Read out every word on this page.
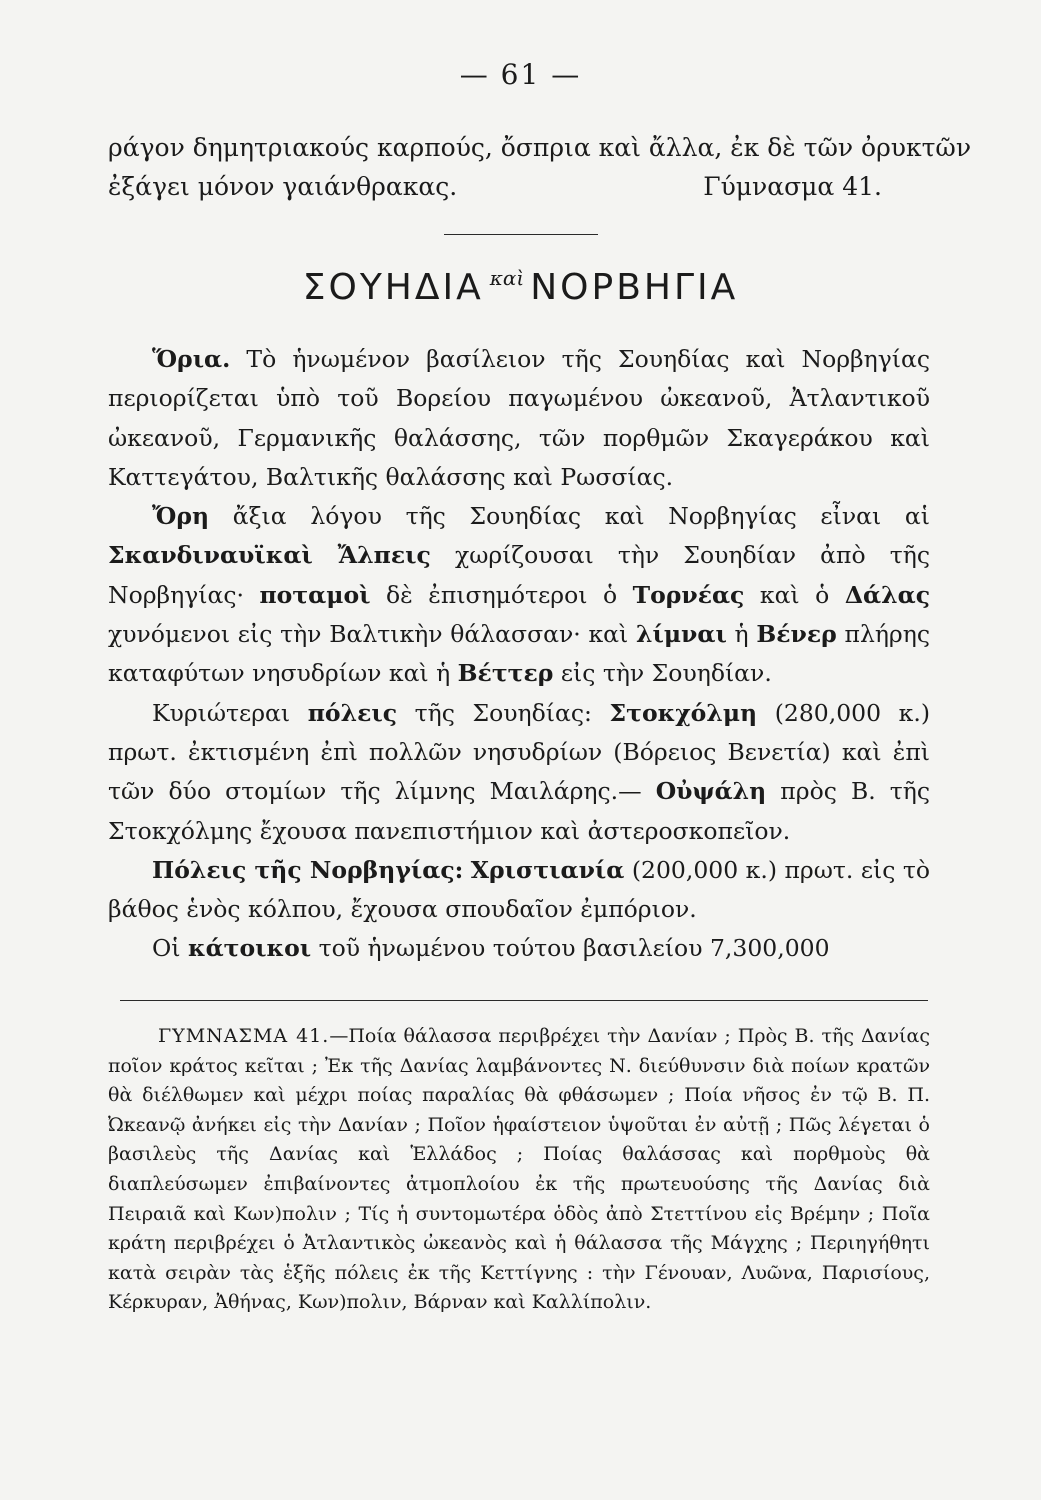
— 61 —
ράγον δημητριακούς καρπούς, ὄσπρια καὶ ἄλλα, ἐκ δὲ τῶν ὀρυκτῶν
ἐξάγει μόνον γαιάνθρακας.	Γύμνασμα 41.
ΣΟΥΗΔΙΑ $^{\kappa\alpha ὶ}$ ΝΟΡΒΗΓΙΑ

Ὅρια. Τὸ ἡνωμένον βασίλειον τῆς Σουηδίας καὶ Νορβηγίας περιορίζεται ὑπὸ τοῦ Βορείου παγωμένου ὠκεανοῦ, Ἀτλαντικοῦ ὠκεανοῦ, Γερμανικῆς θαλάσσης, τῶν πορθμῶν Σκαγεράκου καὶ Καττεγάτου, Βαλτικῆς θαλάσσης καὶ Ρωσσίας.

Ὄρη ἄξια λόγου τῆς Σουηδίας καὶ Νορβηγίας εἶναι αἱ Σκανδιναυϊκαὶ Ἄλπεις χωρίζουσαι τὴν Σουηδίαν ἀπὸ τῆς Νορβηγίας· ποταμοὶ δὲ ἐπισημότεροι ὁ Τορνέας καὶ ὁ Δάλας χυνόμενοι εἰς τὴν Βαλτικὴν θάλασσαν· καὶ λίμναι ἡ Βένερ πλήρης καταφύτων νησυδρίων καὶ ἡ Βέττερ εἰς τὴν Σουηδίαν.

Κυριώτεραι πόλεις τῆς Σουηδίας: Στοκχόλμη (280,000 κ.) πρωτ. ἐκτισμένη ἐπὶ πολλῶν νησυδρίων (Βόρειος Βενετία) καὶ ἐπὶ τῶν δύο στομίων τῆς λίμνης Μαιλάρης.— Οὐψάλη πρὸς Β. τῆς Στοκχόλμης ἔχουσα πανεπιστήμιον καὶ ἀστεροσκοπεῖον.

Πόλεις τῆς Νορβηγίας: Χριστιανία (200,000 κ.) πρωτ. εἰς τὸ βάθος ἑνὸς κόλπου, ἔχουσα σπουδαῖον ἐμπόριον.

Οἱ κάτοικοι τοῦ ἡνωμένου τούτου βασιλείου 7,300,000

ΓΥΜΝΑΣΜΑ 41.—Ποία θάλασσα περιβρέχει τὴν Δανίαν ; Πρὸς Β. τῆς Δανίας ποῖον κράτος κεῖται ; Ἐκ τῆς Δανίας λαμβάνοντες Ν. διεύθυνσιν διὰ ποίων κρατῶν θὰ διέλθωμεν καὶ μέχρι ποίας παραλίας θὰ φθάσωμεν ; Ποία νῆσος ἐν τῷ Β. Π. Ὠκεανῷ ἀνήκει εἰς τὴν Δανίαν ; Ποῖον ἡφαίστειον ὑψοῦται ἐν αὐτῇ ; Πῶς λέγεται ὁ βασιλεὺς τῆς Δανίας καὶ Ἑλλάδος ; Ποίας θαλάσσας καὶ πορθμοὺς θὰ διαπλεύσωμεν ἐπιβαίνοντες ἀτμοπλοίου ἐκ τῆς πρωτευούσης τῆς Δανίας διὰ Πειραιᾶ καὶ Κων)πολιν ; Τίς ἡ συντομωτέρα ὁδὸς ἀπὸ Στεττίνου εἰς Βρέμην ; Ποῖα κράτη περιβρέχει ὁ Ἀτλαντικὸς ὠκεανὸς καὶ ἡ θάλασσα τῆς Μάγχης ; Περιηγήθητι κατὰ σειρὰν τὰς ἑξῆς πόλεις ἐκ τῆς Κεττίγνης : τὴν Γένουαν, Λυῶνα, Παρισίους, Κέρκυραν, Ἀθήνας, Κων)πολιν, Βάρναν καὶ Καλλίπολιν.
